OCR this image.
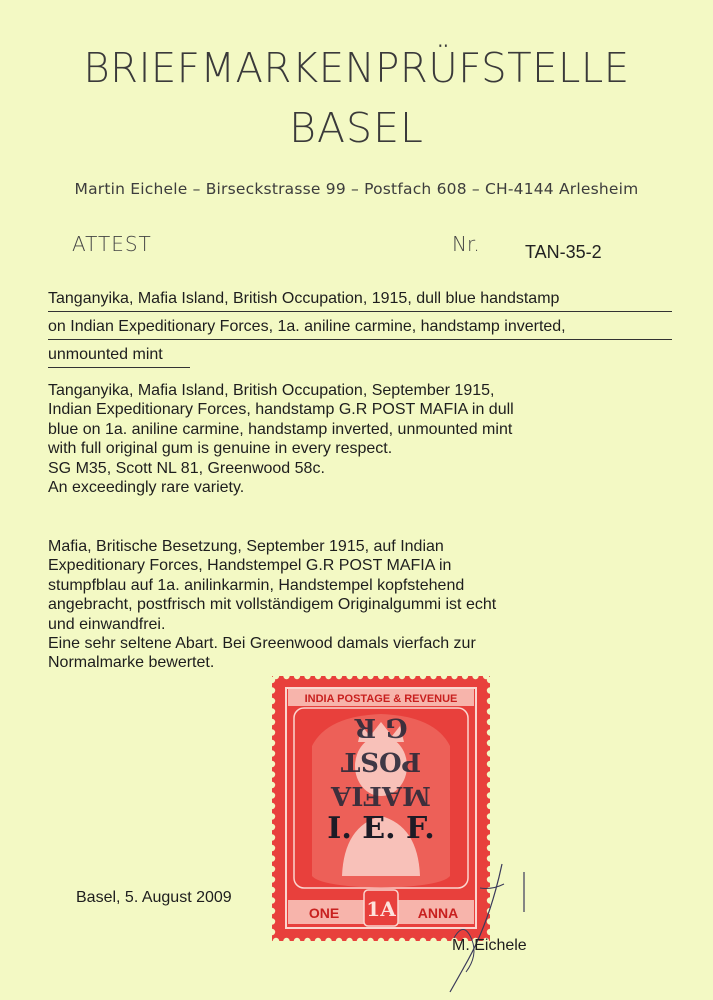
BRIEFMARKENPRÜFSTELLE
BASEL
Martin Eichele – Birseckstrasse 99 – Postfach 608 – CH-4144 Arlesheim
ATTEST	Nr.	TAN-35-2
Tanganyika, Mafia Island, British Occupation, 1915, dull blue handstamp
on Indian Expeditionary Forces, 1a. aniline carmine, handstamp inverted,
unmounted mint
Tanganyika, Mafia Island, British Occupation, September 1915,
Indian Expeditionary Forces, handstamp G.R POST MAFIA in dull
blue on 1a. aniline carmine, handstamp inverted, unmounted mint
with full original gum is genuine in every respect.
SG M35, Scott NL 81, Greenwood 58c.
An exceedingly rare variety.
Mafia, Britische Besetzung, September 1915, auf Indian
Expeditionary Forces, Handstempel G.R POST MAFIA in
stumpfblau auf 1a. anilinkarmin, Handstempel kopfstehend
angebracht, postfrisch mit vollständigem Originalgummi ist echt
und einwandfrei.
Eine sehr seltene Abart. Bei Greenwood damals vierfach zur
Normalmarke bewertet.
INDIA POSTAGE & REVENUE
MAFIA
POST
G R
I. E. F.
ONE 1A ANNA
Basel, 5. August 2009
M. Eichele
